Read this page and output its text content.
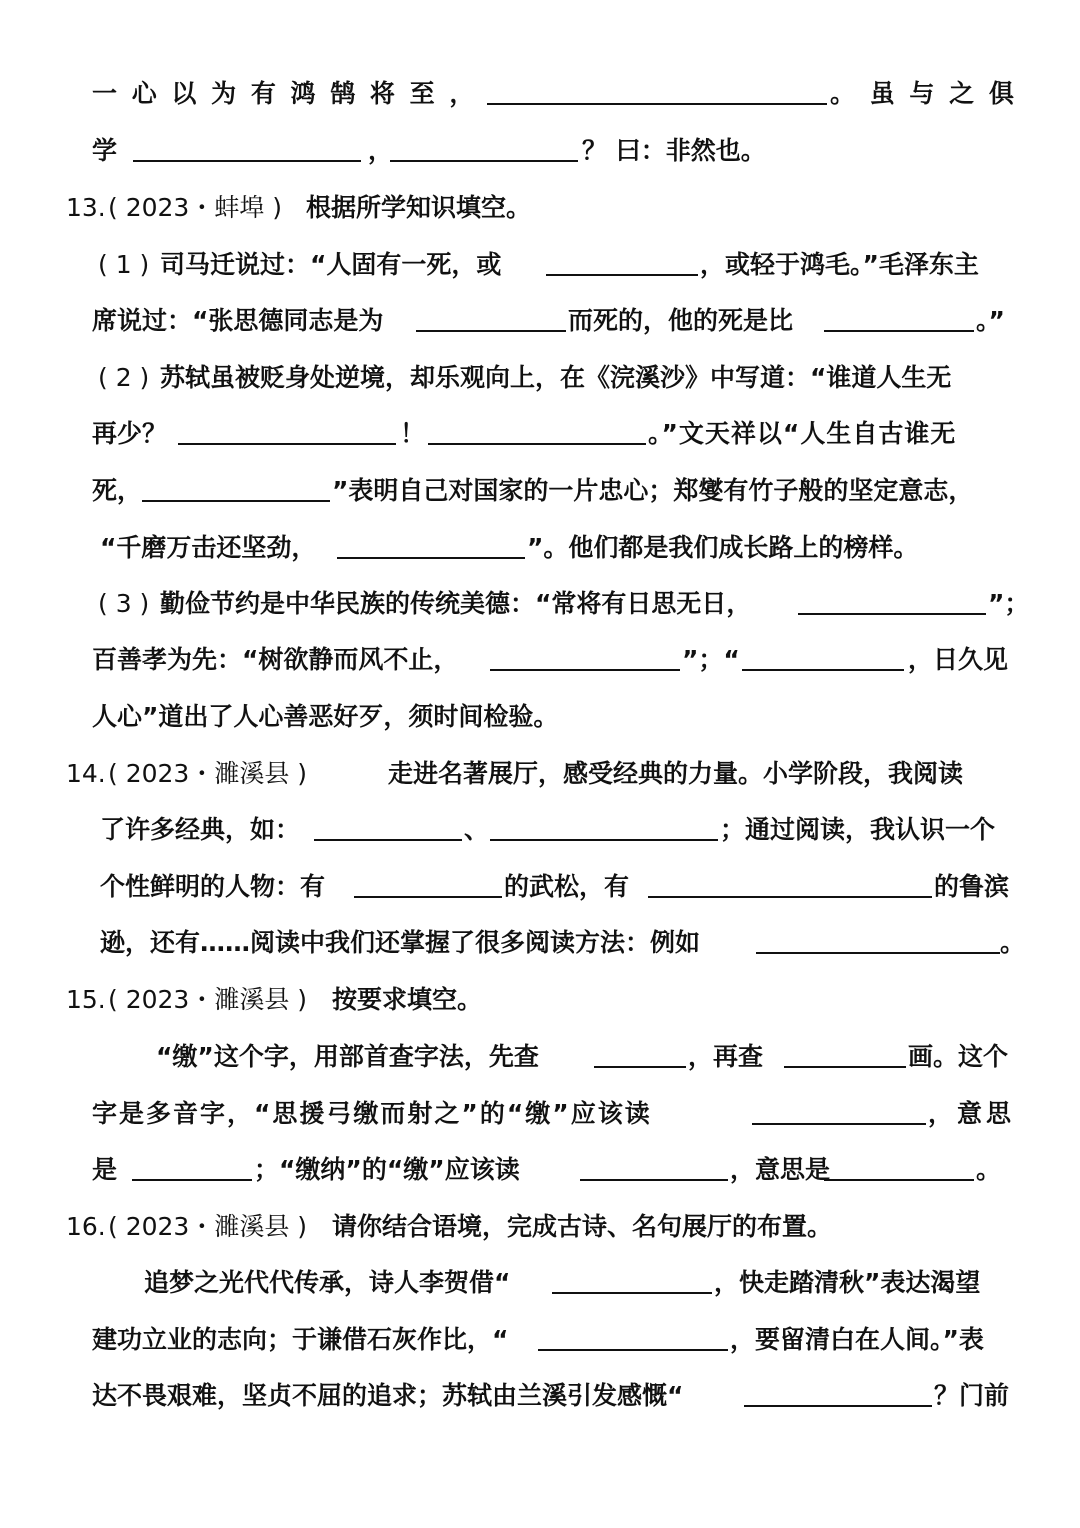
一 心 以 为 有 鸿 鹄 将 至 ，	。 虽 与 之 俱
学	，	？ 曰：非然也。
13. ( 2023・蚌埠 ) 根据所学知识填空。
( 1 ) 司马迁说过：“人固有一死，或	，或轻于鸿毛。”毛泽东主
席说过：“张思德同志是为	而死的，他的死是比	。”
( 2 ) 苏轼虽被贬身处逆境，却乐观向上，在《浣溪沙》中写道：“谁道人生无
再少？	！	。”文天祥以“人生自古谁无
死，	”表明自己对国家的一片忠心；郑燮有竹子般的坚定意志，
“千磨万击还坚劲，	”。他们都是我们成长路上的榜样。
( 3 ) 勤俭节约是中华民族的传统美德：“常将有日思无日，	”；
百善孝为先：“树欲静而风不止，	”；“	，日久见
人心”道出了人心善恶好歹，须时间检验。
14. ( 2023・濉溪县 )	走进名著展厅，感受经典的力量。小学阶段，我阅读
了许多经典，如：	、	；通过阅读，我认识一个
个性鲜明的人物：有	的武松，有	的鲁滨
逊，还有……阅读中我们还掌握了很多阅读方法：例如	。
15. ( 2023・濉溪县 ) 按要求填空。
“缴”这个字，用部首查字法，先查	，再查	画。这个
字是多音字，“思援弓缴而射之”的“缴”应该读	，意思
是	；“缴纳”的“缴”应该读	，意思是	。
16. ( 2023・濉溪县 ) 请你结合语境，完成古诗、名句展厅的布置。
追梦之光代代传承，诗人李贺借“	，快走踏清秋”表达渴望
建功立业的志向；于谦借石灰作比，“	，要留清白在人间。”表
达不畏艰难，坚贞不屈的追求；苏轼由兰溪引发感慨“	？门前
